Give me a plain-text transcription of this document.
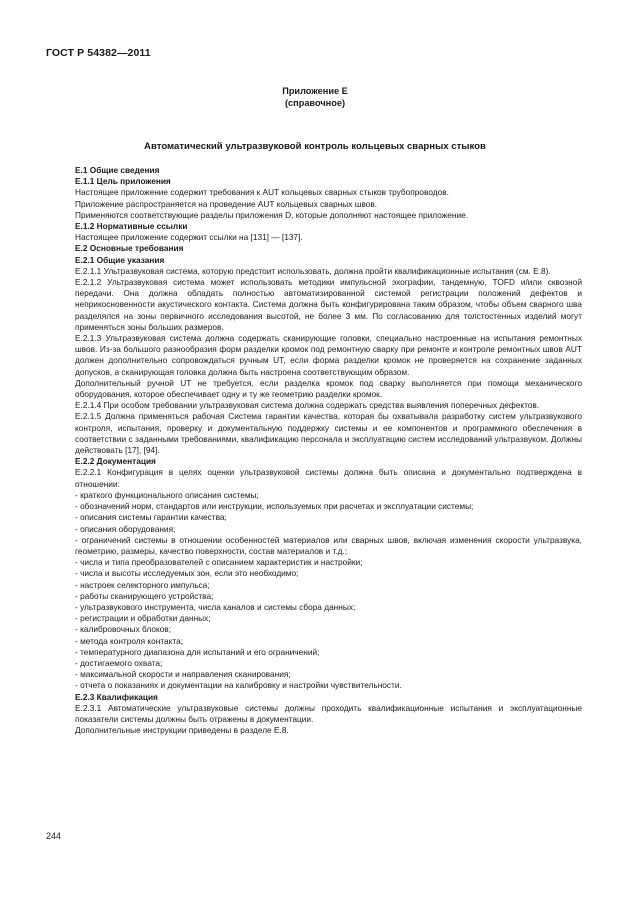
ГОСТ Р 54382—2011
Приложение Е
(справочное)
Автоматический ультразвуковой контроль кольцевых сварных стыков

Е.1 Общие сведения

Е.1.1 Цель приложения

Настоящее приложение содержит требования к AUT кольцевых сварных стыков трубопроводов.

Приложение распространяется на проведение AUT кольцевых сварных швов.

Применяются соответствующие разделы приложения D, которые дополняют настоящее приложение.

Е.1.2 Нормативные ссылки

Настоящее приложение содержит ссылки на [131] — [137].

Е.2 Основные требования

Е.2.1 Общие указания

Е.2.1.1 Ультразвуковая система, которую предстоит использовать, должна пройти квалификационные испытания (см. Е.8).

Е.2.1.2 Ультразвуковая система может использовать методики импульсной эхографии, тандемную, TOFD и/или сквозной передачи. Она должна обладать полностью автоматизированной системой регистрации положений дефектов и неприкосновенности акустического контакта. Система должна быть конфигурирована таким образом, чтобы объем сварного шва разделялся на зоны первичного исследования высотой, не более 3 мм. По согласованию для толстостенных изделий могут применяться зоны больших размеров.

Е.2.1.3 Ультразвуковая система должна содержать сканирующие головки, специально настроенные на испытания ремонтных швов. Из-за большого разнообразия форм разделки кромок под ремонтную сварку при ремонте и контроле ремонтных швов AUT должен дополнительно сопровождаться ручным UT, если форма разделки кромок не проверяется на сохранение заданных допусков, а сканирующая головка должна быть настроена соответствующим образом.

Дополнительный ручной UT не требуется, если разделка кромок под сварку выполняется при помощи механического оборудования, которое обеспечивает одну и ту же геометрию разделки кромок.

Е.2.1.4 При особом требовании ультразвуковая система должна содержать средства выявления поперечных дефектов.

Е.2.1.5 Должна применяться рабочая Система гарантии качества, которая бы охватывала разработку систем ультразвукового контроля, испытания, проверку и документальную поддержку системы и ее компонентов и программного обеспечения в соответствии с заданными требованиями, квалификацию персонала и эксплуатацию систем исследований ультразвуком. Должны действовать [17], [94].

Е.2.2 Документация

Е.2.2.1 Конфигурация в целях оценки ультразвуковой системы должна быть описана и документально подтверждена в отношении:

- краткого функционального описания системы;

- обозначений норм, стандартов или инструкции, используемых при расчетах и эксплуатации системы;

- описания системы гарантии качества;

- описания оборудования;

- ограничений системы в отношении особенностей материалов или сварных швов, включая изменения скорости ультразвука, геометрию, размеры, качество поверхности, состав материалов и т.д.;

- числа и типа преобразователей с описанием характеристик и настройки;

- числа и высоты исследуемых зон, если это необходимо;

- настроек селекторного импульса;

- работы сканирующего устройства;

- ультразвукового инструмента, числа каналов и системы сбора данных;

- регистрации и обработки данных;

- калибровочных блоков;

- метода контроля контакта;

- температурного диапазона для испытаний и его ограничений;

- достигаемого охвата;

- максимальной скорости и направления сканирования;

- отчета о показаниях и документации на калибровку и настройки чувствительности.

Е.2.3 Квалификация

Е.2.3.1 Автоматические ультразвуковые системы должны проходить квалификационные испытания и эксплуатационные показатели системы должны быть отражены в документации.

Дополнительные инструкции приведены в разделе Е.8.

244
